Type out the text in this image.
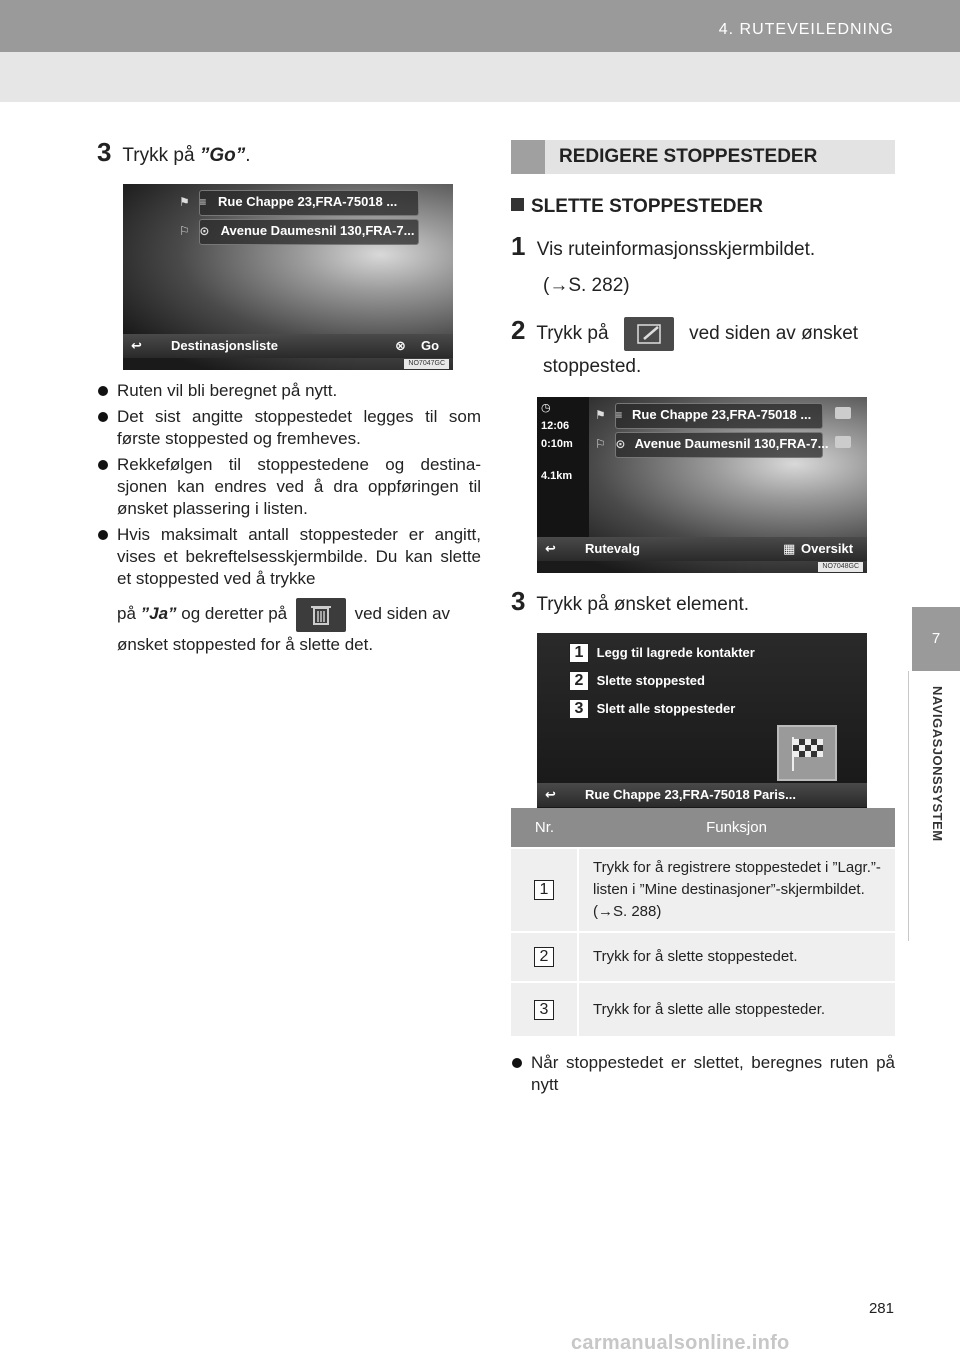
4. RUTEVEILEDNING
7
NAVIGASJONSSYSTEM
3 Trykk på ”Go”.
⚑ ≡ Rue Chappe 23,FRA-75018 ...
⚐ ⊙ Avenue Daumesnil 130,FRA-7...
↩ Destinasjonsliste	⊗ Go
NO7047GC
Ruten vil bli beregnet på nytt.
Det sist angitte stoppestedet legges til som første stoppested og fremheves.
Rekkefølgen til stoppestedene og destina- sjonen kan endres ved å dra oppføringen til ønsket plassering i listen.
Hvis maksimalt antall stoppesteder er angitt, vises et bekreftelsesskjermbilde. Du kan slette et stoppested ved å trykke
på ”Ja” og deretter på	ved siden av
ønsket stoppested for å slette det.
REDIGERE STOPPESTEDER
SLETTE STOPPESTEDER
1 Vis ruteinformasjonsskjermbildet.
(→S. 282)
2 Trykk på	ved siden av ønsket
stoppested.
◷
12:06
0:10m
4.1km
⚑ ≡ Rue Chappe 23,FRA-75018 ...
⚐ ⊙ Avenue Daumesnil 130,FRA-7...
↩ Rutevalg	▦ Oversikt
NO7048GC
3 Trykk på ønsket element.
1 Legg til lagrede kontakter
2 Slette stoppested
3 Slett alle stoppesteder
↩ Rue Chappe 23,FRA-75018 Paris...
Nr.	Funksjon
1	Trykk for å registrere stoppestedet i ”Lagr.”-listen i ”Mine destinasjoner”-skjermbildet. (→S. 288)
2	Trykk for å slette stoppestedet.
3	Trykk for å slette alle stoppesteder.
Når stoppestedet er slettet, beregnes ruten på nytt
281
carmanualsonline.info
